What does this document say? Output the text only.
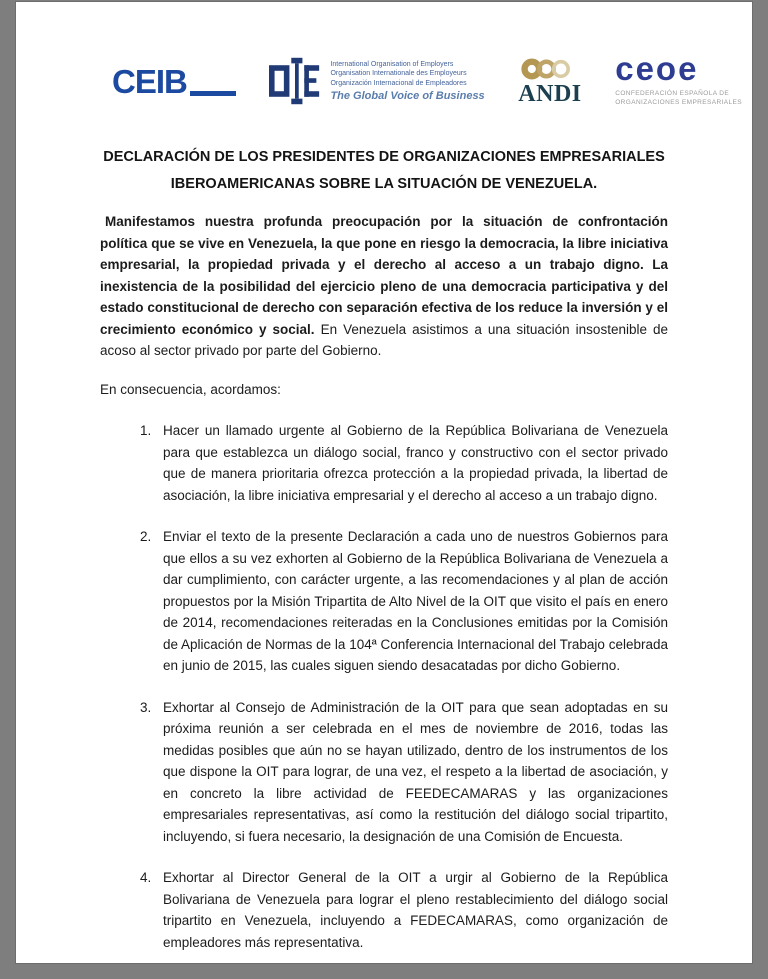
CEIB	International Organisation of Employers
Organisation Internationale des Employeurs
Organización Internacional de Empleadores
The Global Voice of Business ANDI
ceoe
CONFEDERACIÓN ESPAÑOLA DE
ORGANIZACIONES EMPRESARIALES
DECLARACIÓN DE LOS PRESIDENTES DE ORGANIZACIONES EMPRESARIALES
IBEROAMERICANAS SOBRE LA SITUACIÓN DE VENEZUELA.

Manifestamos nuestra profunda preocupación por la situación de confrontación política que se vive en Venezuela, la que pone en riesgo la democracia, la libre iniciativa empresarial, la propiedad privada y el derecho al acceso a un trabajo digno. La inexistencia de la posibilidad del ejercicio pleno de una democracia participativa y del estado constitucional de derecho con separación efectiva de los reduce la inversión y el crecimiento económico y social. En Venezuela asistimos a una situación insostenible de acoso al sector privado por parte del Gobierno.

En consecuencia, acordamos:

1. Hacer un llamado urgente al Gobierno de la República Bolivariana de Venezuela para que establezca un diálogo social, franco y constructivo con el sector privado que de manera prioritaria ofrezca protección a la propiedad privada, la libertad de asociación, la libre iniciativa empresarial y el derecho al acceso a un trabajo digno.
2. Enviar el texto de la presente Declaración a cada uno de nuestros Gobiernos para que ellos a su vez exhorten al Gobierno de la República Bolivariana de Venezuela a dar cumplimiento, con carácter urgente, a las recomendaciones y al plan de acción propuestos por la Misión Tripartita de Alto Nivel de la OIT que visito el país en enero de 2014, recomendaciones reiteradas en la Conclusiones emitidas por la Comisión de Aplicación de Normas de la 104ª Conferencia Internacional del Trabajo celebrada en junio de 2015, las cuales siguen siendo desacatadas por dicho Gobierno.
3. Exhortar al Consejo de Administración de la OIT para que sean adoptadas en su próxima reunión a ser celebrada en el mes de noviembre de 2016, todas las medidas posibles que aún no se hayan utilizado, dentro de los instrumentos de los que dispone la OIT para lograr, de una vez, el respeto a la libertad de asociación, y en concreto la libre actividad de FEEDECAMARAS y las organizaciones empresariales representativas, así como la restitución del diálogo social tripartito, incluyendo, si fuera necesario, la designación de una Comisión de Encuesta.
4. Exhortar al Director General de la OIT a urgir al Gobierno de la República Bolivariana de Venezuela para lograr el pleno restablecimiento del diálogo social tripartito en Venezuela, incluyendo a FEDECAMARAS, como organización de empleadores más representativa.
